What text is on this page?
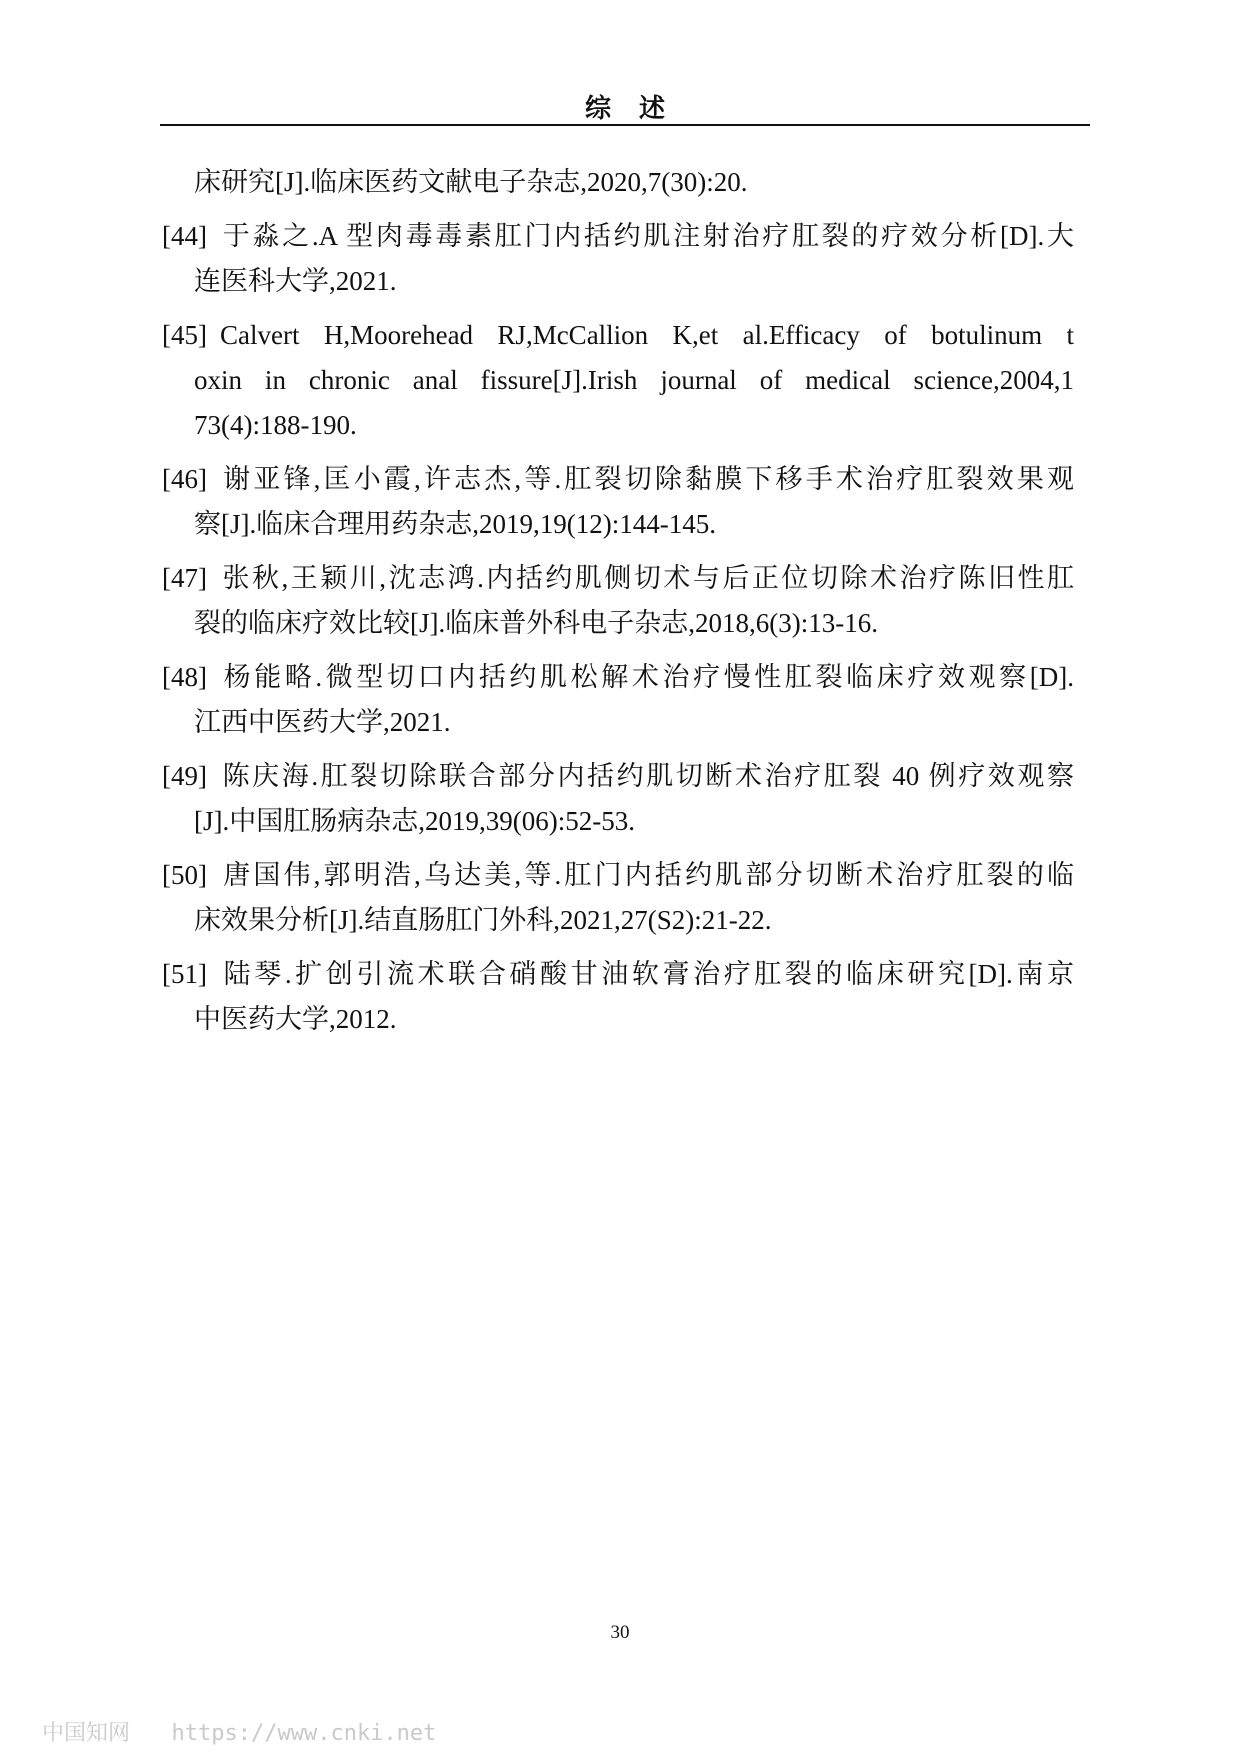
综述
床研究[J].临床医药文献电子杂志,2020,7(30):20.
[44] 于淼之.A 型肉毒毒素肛门内括约肌注射治疗肛裂的疗效分析[D].大
连医科大学,2021.
[45] Calvert H,Moorehead RJ,McCallion K,et al.Efficacy of botulinum t
oxin in chronic anal fissure[J].Irish journal of medical science,2004,1
73(4):188-190.
[46] 谢亚锋,匡小霞,许志杰,等.肛裂切除黏膜下移手术治疗肛裂效果观
察[J].临床合理用药杂志,2019,19(12):144-145.
[47] 张秋,王颖川,沈志鸿.内括约肌侧切术与后正位切除术治疗陈旧性肛
裂的临床疗效比较[J].临床普外科电子杂志,2018,6(3):13-16.
[48] 杨能略.微型切口内括约肌松解术治疗慢性肛裂临床疗效观察[D].
江西中医药大学,2021.
[49] 陈庆海.肛裂切除联合部分内括约肌切断术治疗肛裂 40 例疗效观察
[J].中国肛肠病杂志,2019,39(06):52-53.
[50] 唐国伟,郭明浩,乌达美,等.肛门内括约肌部分切断术治疗肛裂的临
床效果分析[J].结直肠肛门外科,2021,27(S2):21-22.
[51] 陆琴.扩创引流术联合硝酸甘油软膏治疗肛裂的临床研究[D].南京
中医药大学,2012.
30
中国知网 https://www.cnki.net
